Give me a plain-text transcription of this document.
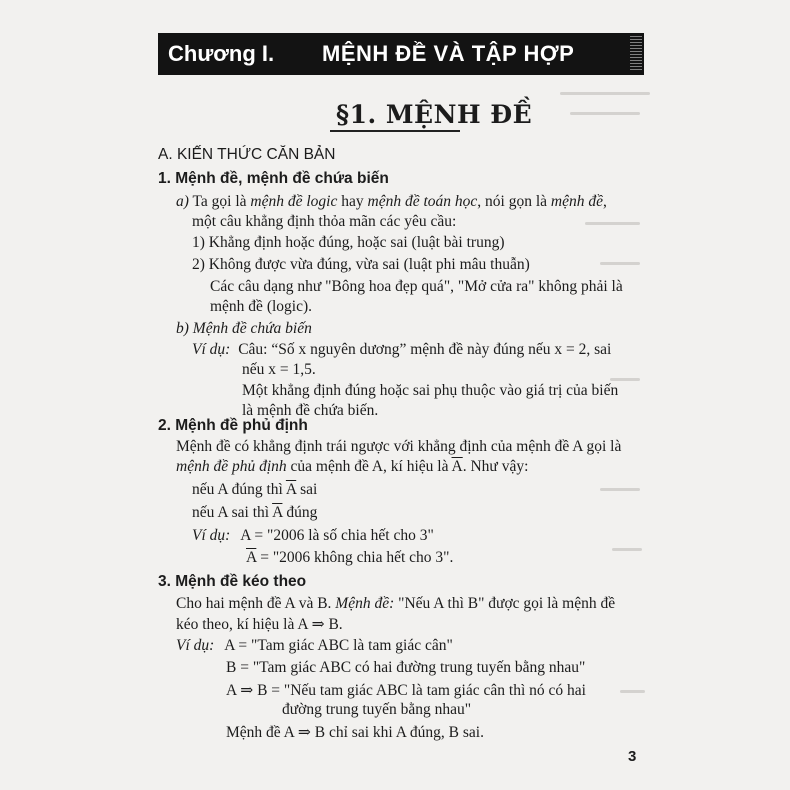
Chương I. MỆNH ĐỀ VÀ TẬP HỢP
§1. MỆNH ĐỀ
A. KIẾN THỨC CĂN BẢN
1. Mệnh đề, mệnh đề chứa biến
a) Ta gọi là mệnh đề logic hay mệnh đề toán học, nói gọn là mệnh đề,
một câu khẳng định thỏa mãn các yêu cầu:
1) Khẳng định hoặc đúng, hoặc sai (luật bài trung)
2) Không được vừa đúng, vừa sai (luật phi mâu thuẫn)
Các câu dạng như "Bông hoa đẹp quá", "Mở cửa ra" không phải là
mệnh đề (logic).
b) Mệnh đề chứa biến
Ví dụ: Câu: “Số x nguyên dương” mệnh đề này đúng nếu x = 2, sai
nếu x = 1,5.
Một khẳng định đúng hoặc sai phụ thuộc vào giá trị của biến
là mệnh đề chứa biến.
2. Mệnh đề phủ định
Mệnh đề có khẳng định trái ngược với khẳng định của mệnh đề A gọi là
mệnh đề phủ định của mệnh đề A, kí hiệu là $\overline{A}$. Như vậy:
nếu A đúng thì $\overline{A}$ sai
nếu A sai thì $\overline{A}$ đúng
Ví dụ: A = "2006 là số chia hết cho 3"
$\overline{A}$ = "2006 không chia hết cho 3".
3. Mệnh đề kéo theo
Cho hai mệnh đề A và B. Mệnh đề: "Nếu A thì B" được gọi là mệnh đề
kéo theo, kí hiệu là A ⇒ B.
Ví dụ: A = "Tam giác ABC là tam giác cân"
B = "Tam giác ABC có hai đường trung tuyến bằng nhau"
A ⇒ B = "Nếu tam giác ABC là tam giác cân thì nó có hai
đường trung tuyến bằng nhau"
Mệnh đề A ⇒ B chỉ sai khi A đúng, B sai.
3
